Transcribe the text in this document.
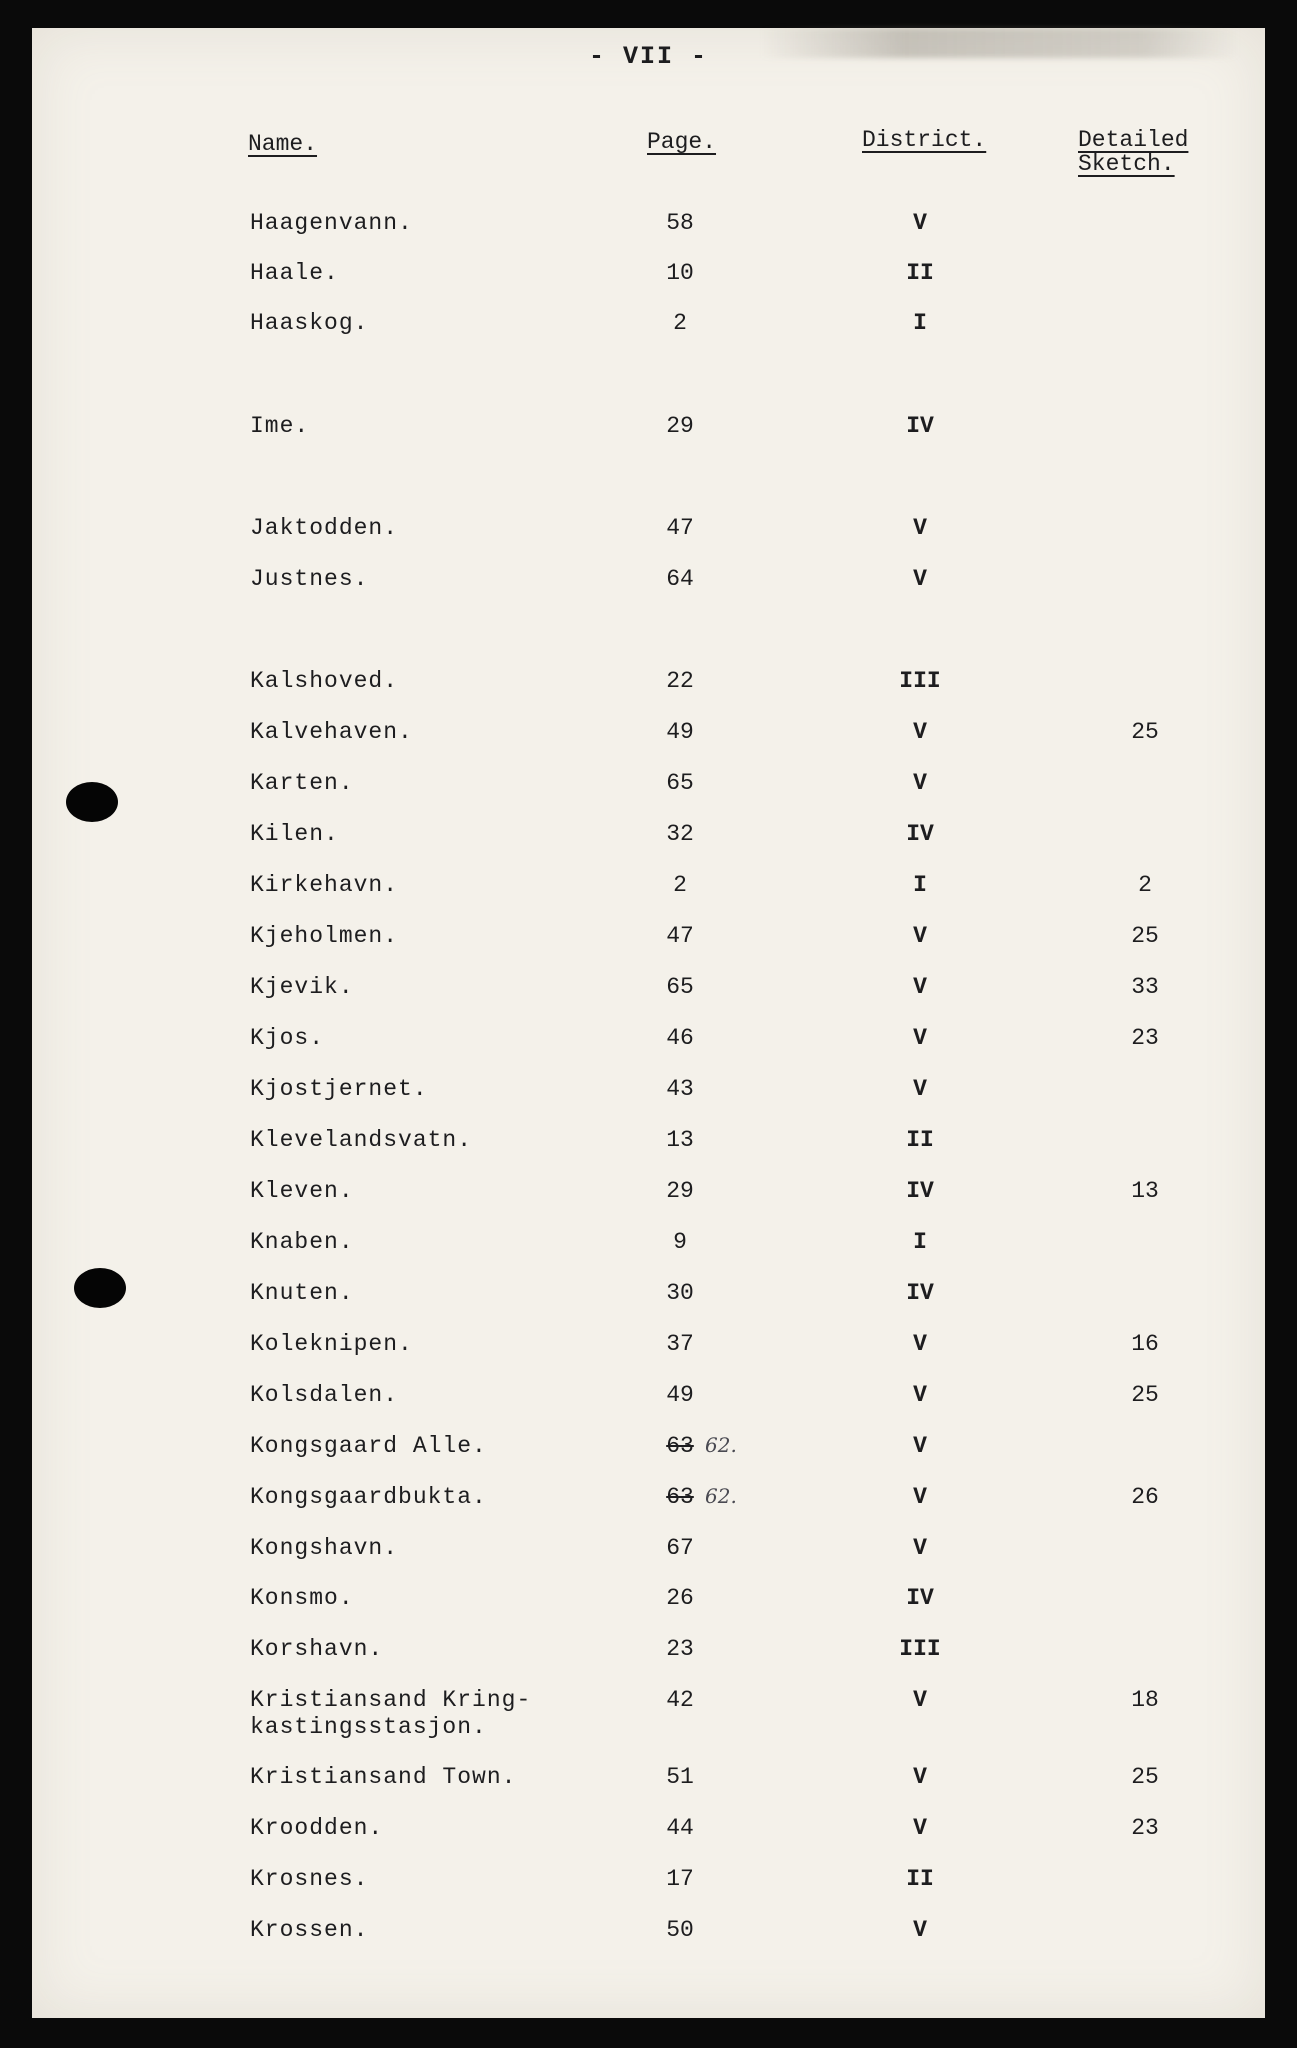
- VII -
Name.	Page.	District.	Detailed
Sketch.
Haagenvann.	58	V
Haale.	10	II
Haaskog.	2	I
Ime.	29	IV
Jaktodden.	47	V
Justnes.	64	V
Kalshoved.	22	III
Kalvehaven.	49	V	25
Karten.	65	V
Kilen.	32	IV
Kirkehavn.	2	I	2
Kjeholmen.	47	V	25
Kjevik.	65	V	33
Kjos.	46	V	23
Kjostjernet.	43	V
Klevelandsvatn.	13	II
Kleven.	29	IV	13
Knaben.	9	I
Knuten.	30	IV
Koleknipen.	37	V	16
Kolsdalen.	49	V	25
Kongsgaard Alle.	63 62.	V
Kongsgaardbukta.	63 62.	V	26
Kongshavn.	67	V
Konsmo.	26	IV
Korshavn.	23	III
Kristiansand Kring-
kastingsstasjon.
42	V	18
Kristiansand Town.	51	V	25
Kroodden.	44	V	23
Krosnes.	17	II
Krossen.	50	V
